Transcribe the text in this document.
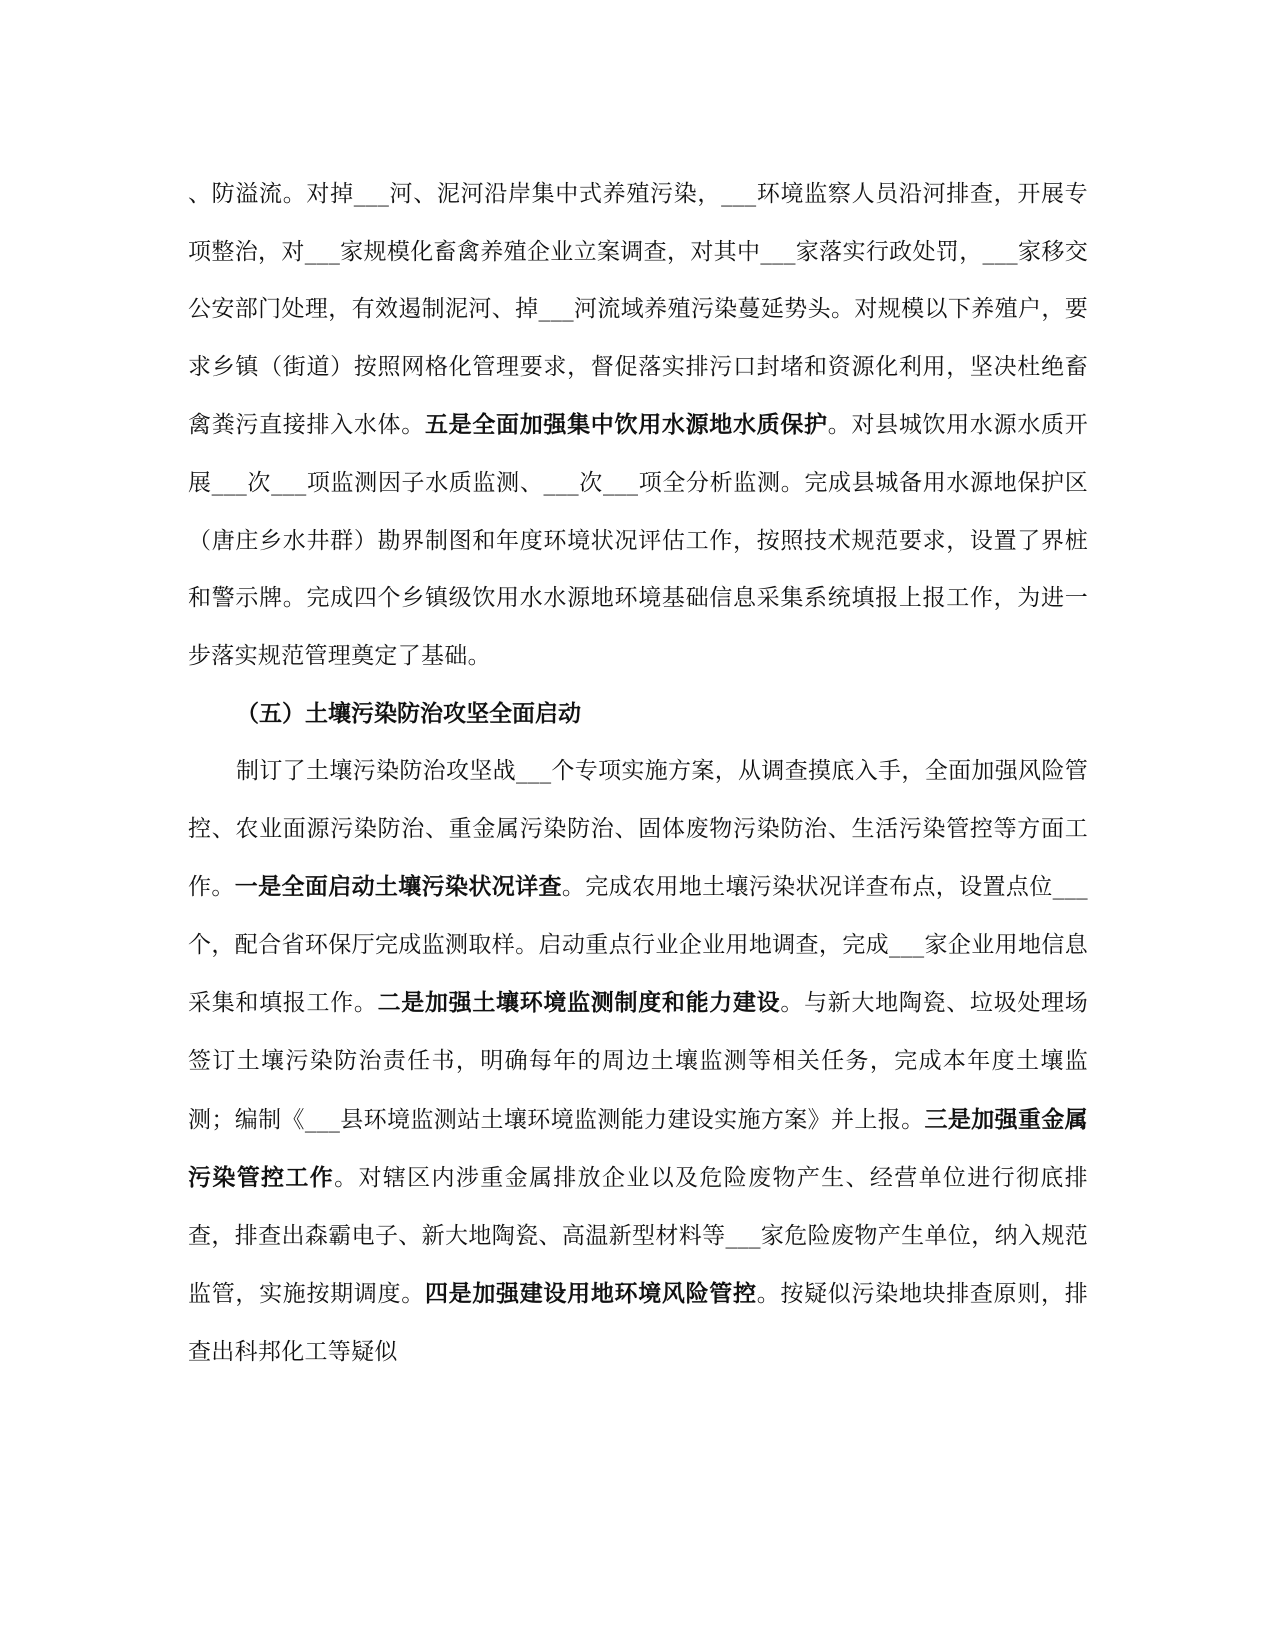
、防溢流。对掉___河、泥河沿岸集中式养殖污染，___环境监察人员沿河排查，开展专项整治，对___家规模化畜禽养殖企业立案调查，对其中___家落实行政处罚，___家移交公安部门处理，有效遏制泥河、掉___河流域养殖污染蔓延势头。对规模以下养殖户，要求乡镇（街道）按照网格化管理要求，督促落实排污口封堵和资源化利用，坚决杜绝畜禽粪污直接排入水体。五是全面加强集中饮用水源地水质保护。对县城饮用水源水质开展___次___项监测因子水质监测、___次___项全分析监测。完成县城备用水源地保护区（唐庄乡水井群）勘界制图和年度环境状况评估工作，按照技术规范要求，设置了界桩和警示牌。完成四个乡镇级饮用水水源地环境基础信息采集系统填报上报工作，为进一步落实规范管理奠定了基础。

（五）土壤污染防治攻坚全面启动

制订了土壤污染防治攻坚战___个专项实施方案，从调查摸底入手，全面加强风险管控、农业面源污染防治、重金属污染防治、固体废物污染防治、生活污染管控等方面工作。一是全面启动土壤污染状况详查。完成农用地土壤污染状况详查布点，设置点位___个，配合省环保厅完成监测取样。启动重点行业企业用地调查，完成___家企业用地信息采集和填报工作。二是加强土壤环境监测制度和能力建设。与新大地陶瓷、垃圾处理场签订土壤污染防治责任书，明确每年的周边土壤监测等相关任务，完成本年度土壤监测；编制《___县环境监测站土壤环境监测能力建设实施方案》并上报。三是加强重金属污染管控工作。对辖区内涉重金属排放企业以及危险废物产生、经营单位进行彻底排查，排查出森霸电子、新大地陶瓷、高温新型材料等___家危险废物产生单位，纳入规范监管，实施按期调度。四是加强建设用地环境风险管控。按疑似污染地块排查原则，排查出科邦化工等疑似
